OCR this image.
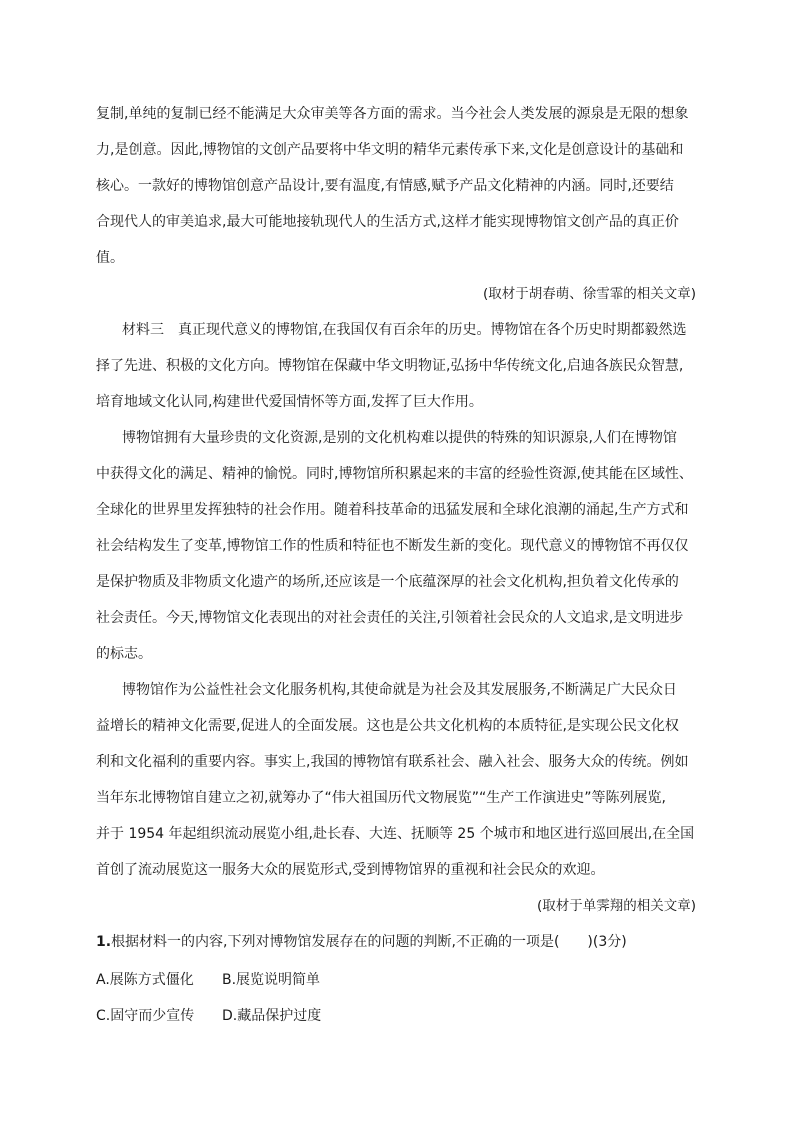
复制,单纯的复制已经不能满足大众审美等各方面的需求。当今社会人类发展的源泉是无限的想象
力,是创意。因此,博物馆的文创产品要将中华文明的精华元素传承下来,文化是创意设计的基础和
核心。一款好的博物馆创意产品设计,要有温度,有情感,赋予产品文化精神的内涵。同时,还要结
合现代人的审美追求,最大可能地接轨现代人的生活方式,这样才能实现博物馆文创产品的真正价
值。
(取材于胡春萌、徐雪霏的相关文章)
材料三　真正现代意义的博物馆,在我国仅有百余年的历史。博物馆在各个历史时期都毅然选
择了先进、积极的文化方向。博物馆在保藏中华文明物证,弘扬中华传统文化,启迪各族民众智慧,
培育地域文化认同,构建世代爱国情怀等方面,发挥了巨大作用。
博物馆拥有大量珍贵的文化资源,是别的文化机构难以提供的特殊的知识源泉,人们在博物馆
中获得文化的满足、精神的愉悦。同时,博物馆所积累起来的丰富的经验性资源,使其能在区域性、
全球化的世界里发挥独特的社会作用。随着科技革命的迅猛发展和全球化浪潮的涌起,生产方式和
社会结构发生了变革,博物馆工作的性质和特征也不断发生新的变化。现代意义的博物馆不再仅仅
是保护物质及非物质文化遗产的场所,还应该是一个底蕴深厚的社会文化机构,担负着文化传承的
社会责任。今天,博物馆文化表现出的对社会责任的关注,引领着社会民众的人文追求,是文明进步
的标志。
博物馆作为公益性社会文化服务机构,其使命就是为社会及其发展服务,不断满足广大民众日
益增长的精神文化需要,促进人的全面发展。这也是公共文化机构的本质特征,是实现公民文化权
利和文化福利的重要内容。事实上,我国的博物馆有联系社会、融入社会、服务大众的传统。例如
当年东北博物馆自建立之初,就筹办了“伟大祖国历代文物展览”“生产工作演进史”等陈列展览,
并于 1954 年起组织流动展览小组,赴长春、大连、抚顺等 25 个城市和地区进行巡回展出,在全国
首创了流动展览这一服务大众的展览形式,受到博物馆界的重视和社会民众的欢迎。
(取材于单霁翔的相关文章)
1.根据材料一的内容,下列对博物馆发展存在的问题的判断,不正确的一项是(　　)(3分)
A.展陈方式僵化 B.展览说明简单
C.固守而少宣传 D.藏品保护过度
